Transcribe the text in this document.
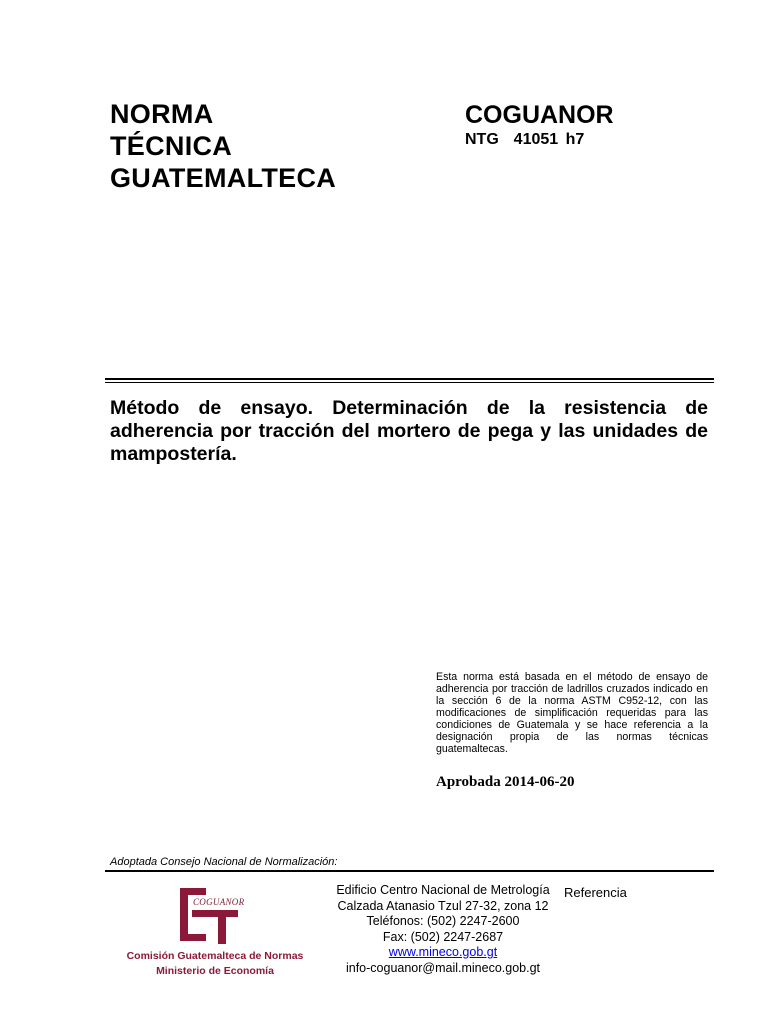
NORMA
TÉCNICA
GUATEMALTECA
COGUANOR
NTG  41051 h7
Método de ensayo. Determinación de la resistencia de adherencia por tracción del mortero de pega y las unidades de mampostería.
Esta norma está basada en el método de ensayo de adherencia por tracción de ladrillos cruzados indicado en la sección 6 de la norma ASTM C952-12, con las modificaciones de simplificación requeridas para las condiciones de Guatemala y se hace referencia a la designación propia de las normas técnicas guatemaltecas.
Aprobada 2014-06-20
Adoptada Consejo Nacional de Normalización:
COGUANOR
Comisión Guatemalteca de Normas
Ministerio de Economía
Edificio Centro Nacional de Metrología
Calzada Atanasio Tzul 27-32, zona 12
Teléfonos: (502) 2247-2600
Fax: (502) 2247-2687
www.mineco.gob.gt
info-coguanor@mail.mineco.gob.gt
Referencia
